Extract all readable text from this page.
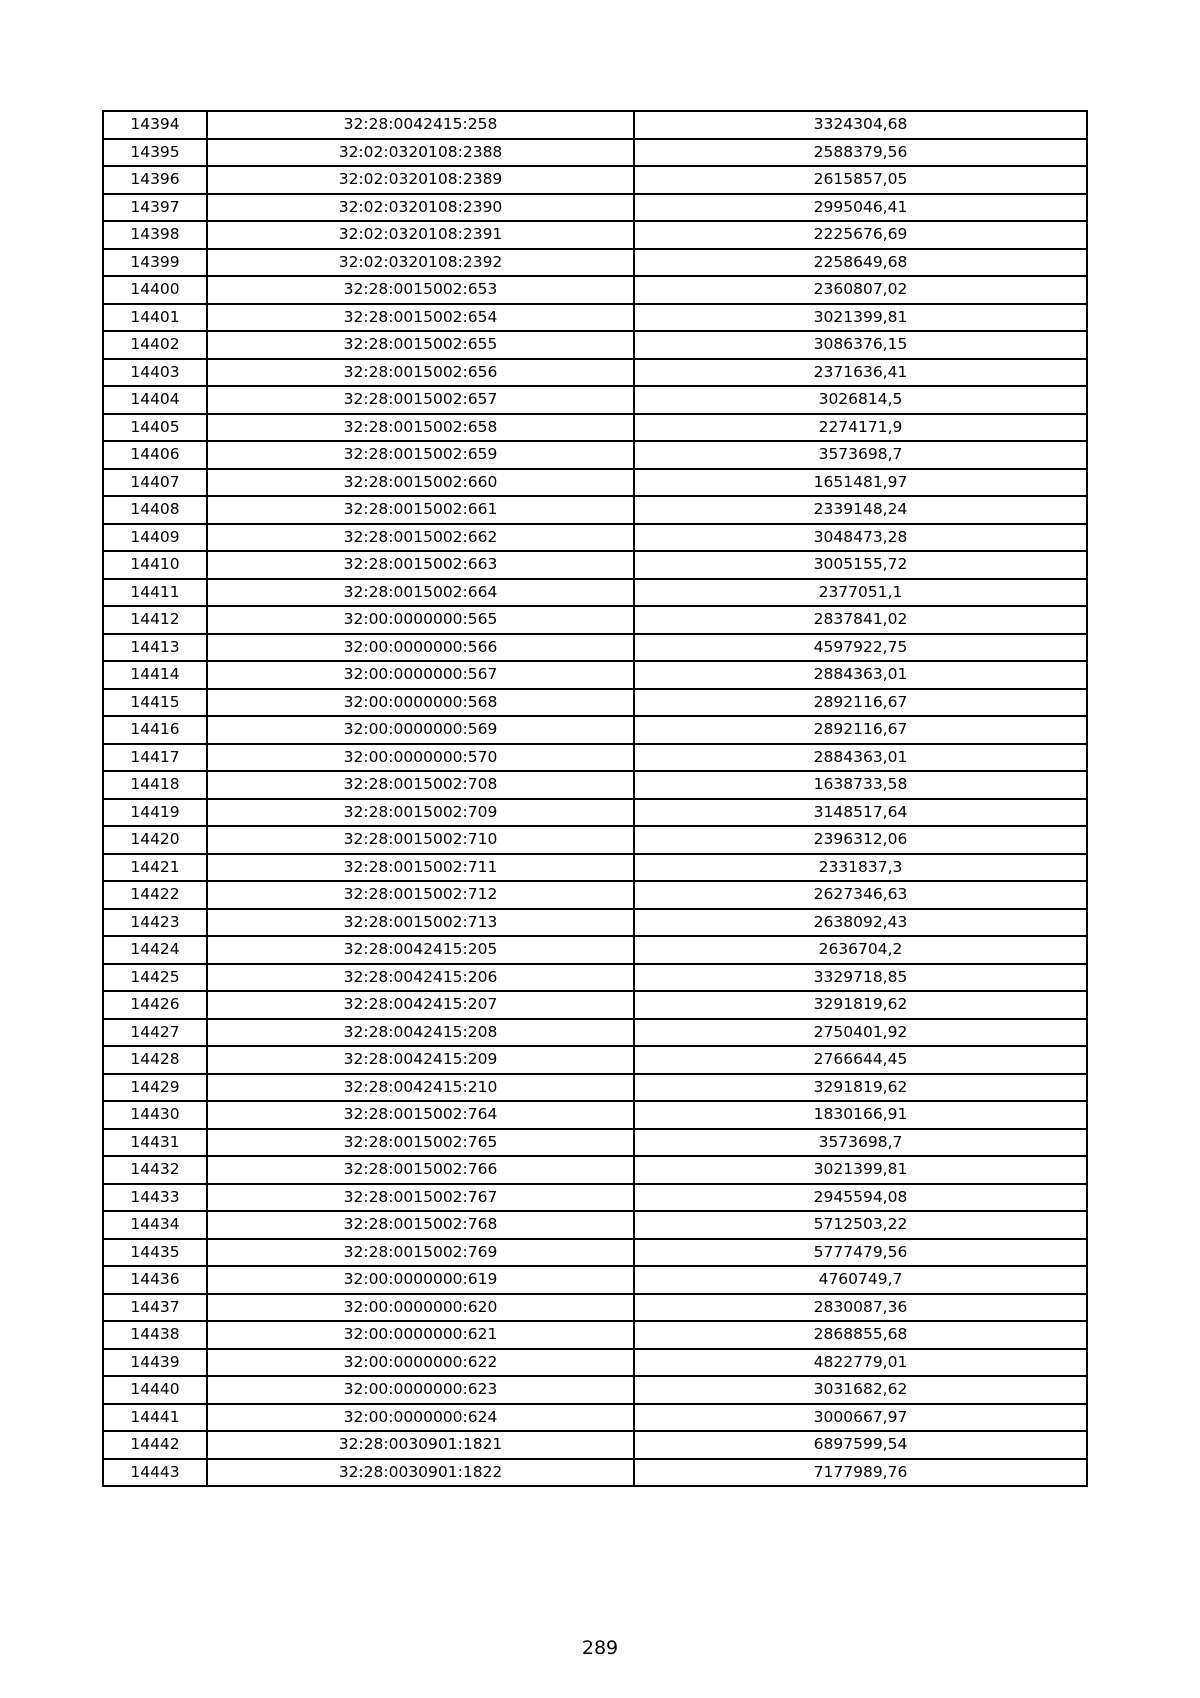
14394	32:28:0042415:258	3324304,68
14395	32:02:0320108:2388	2588379,56
14396	32:02:0320108:2389	2615857,05
14397	32:02:0320108:2390	2995046,41
14398	32:02:0320108:2391	2225676,69
14399	32:02:0320108:2392	2258649,68
14400	32:28:0015002:653	2360807,02
14401	32:28:0015002:654	3021399,81
14402	32:28:0015002:655	3086376,15
14403	32:28:0015002:656	2371636,41
14404	32:28:0015002:657	3026814,5
14405	32:28:0015002:658	2274171,9
14406	32:28:0015002:659	3573698,7
14407	32:28:0015002:660	1651481,97
14408	32:28:0015002:661	2339148,24
14409	32:28:0015002:662	3048473,28
14410	32:28:0015002:663	3005155,72
14411	32:28:0015002:664	2377051,1
14412	32:00:0000000:565	2837841,02
14413	32:00:0000000:566	4597922,75
14414	32:00:0000000:567	2884363,01
14415	32:00:0000000:568	2892116,67
14416	32:00:0000000:569	2892116,67
14417	32:00:0000000:570	2884363,01
14418	32:28:0015002:708	1638733,58
14419	32:28:0015002:709	3148517,64
14420	32:28:0015002:710	2396312,06
14421	32:28:0015002:711	2331837,3
14422	32:28:0015002:712	2627346,63
14423	32:28:0015002:713	2638092,43
14424	32:28:0042415:205	2636704,2
14425	32:28:0042415:206	3329718,85
14426	32:28:0042415:207	3291819,62
14427	32:28:0042415:208	2750401,92
14428	32:28:0042415:209	2766644,45
14429	32:28:0042415:210	3291819,62
14430	32:28:0015002:764	1830166,91
14431	32:28:0015002:765	3573698,7
14432	32:28:0015002:766	3021399,81
14433	32:28:0015002:767	2945594,08
14434	32:28:0015002:768	5712503,22
14435	32:28:0015002:769	5777479,56
14436	32:00:0000000:619	4760749,7
14437	32:00:0000000:620	2830087,36
14438	32:00:0000000:621	2868855,68
14439	32:00:0000000:622	4822779,01
14440	32:00:0000000:623	3031682,62
14441	32:00:0000000:624	3000667,97
14442	32:28:0030901:1821	6897599,54
14443	32:28:0030901:1822	7177989,76
289
